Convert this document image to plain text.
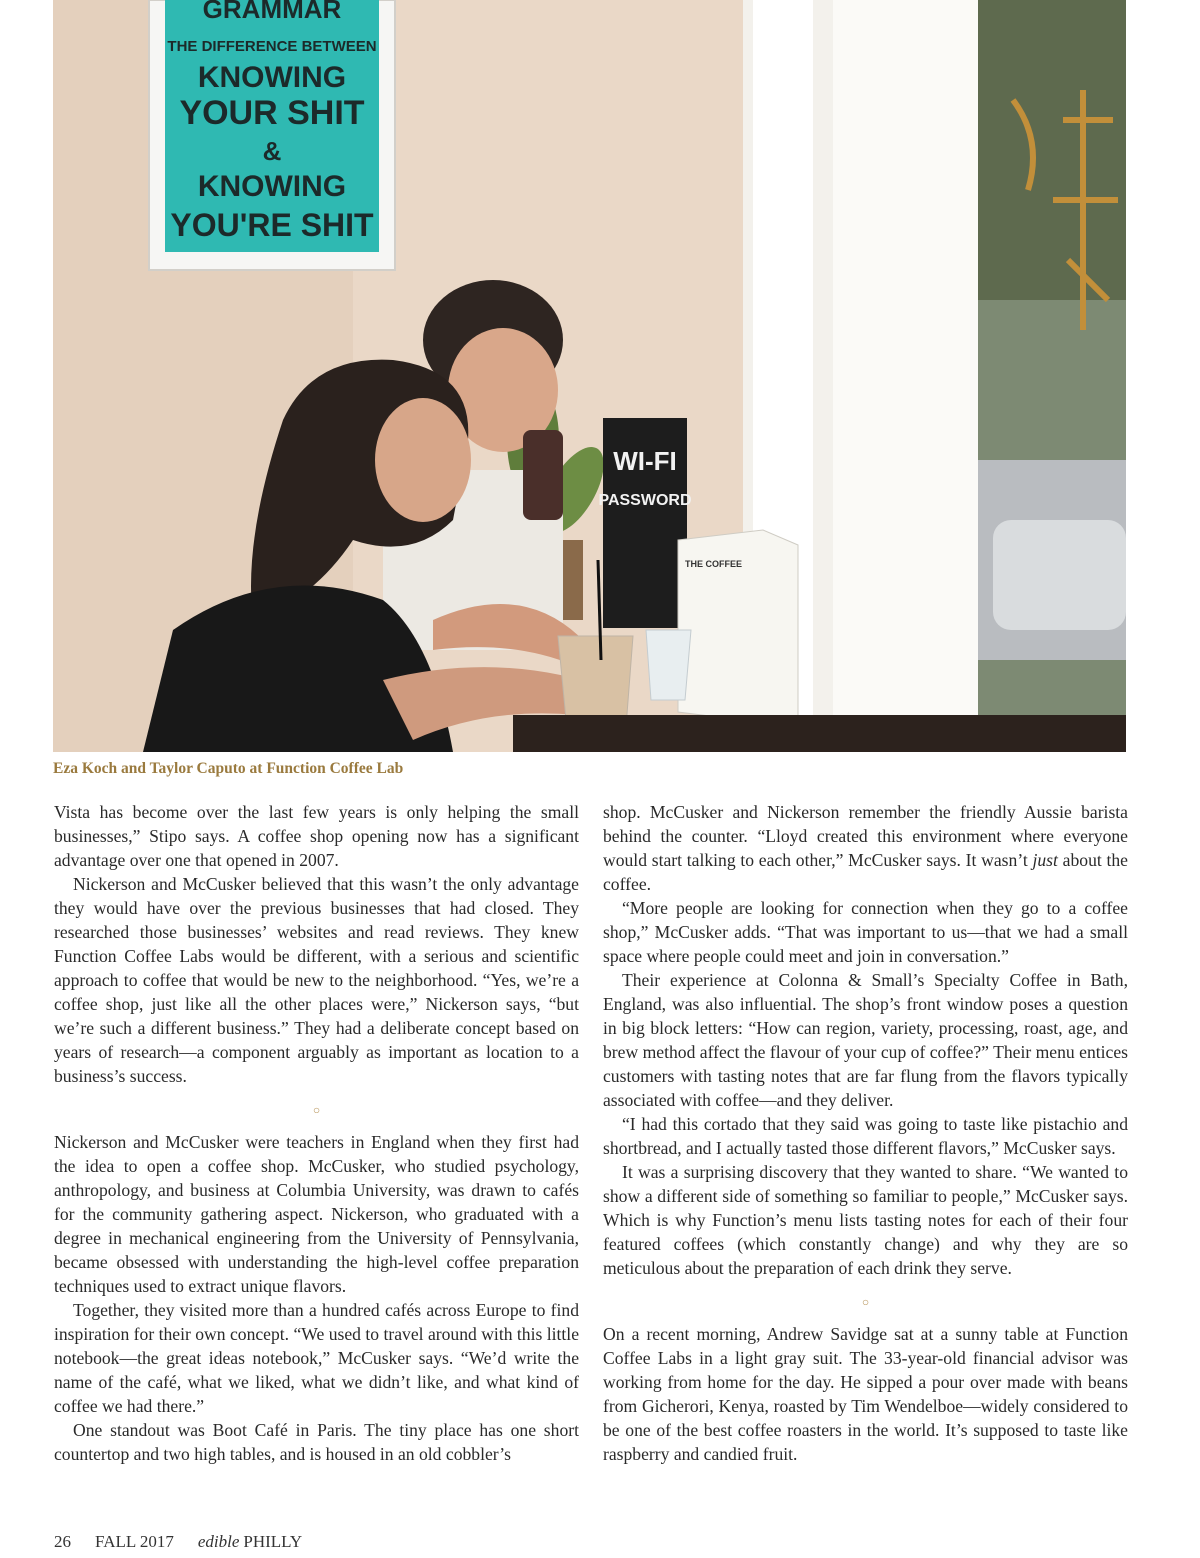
GRAMMAR
THE DIFFERENCE BETWEEN
KNOWING
YOUR SHIT
&
KNOWING
YOU'RE SHIT
WI-FI
PASSWORD
THE COFFEE
Eza Koch and Taylor Caputo at Function Coffee Lab

Vista has become over the last few years is only helping the small businesses,” Stipo says. A coffee shop opening now has a significant advantage over one that opened in 2007.

Nickerson and McCusker believed that this wasn’t the only advantage they would have over the previous businesses that had closed. They researched those businesses’ websites and read reviews. They knew Function Coffee Labs would be different, with a serious and scientific approach to coffee that would be new to the neighborhood. “Yes, we’re a coffee shop, just like all the other places were,” Nickerson says, “but we’re such a different business.” They had a deliberate concept based on years of research—a component arguably as important as location to a business’s success.

○

Nickerson and McCusker were teachers in England when they first had the idea to open a coffee shop. McCusker, who studied psychology, anthropology, and business at Columbia University, was drawn to cafés for the community gathering aspect. Nickerson, who graduated with a degree in mechanical engineering from the University of Pennsylvania, became obsessed with understanding the high-level coffee preparation techniques used to extract unique flavors.

Together, they visited more than a hundred cafés across Europe to find inspiration for their own concept. “We used to travel around with this little notebook—the great ideas notebook,” McCusker says. “We’d write the name of the café, what we liked, what we didn’t like, and what kind of coffee we had there.”

One standout was Boot Café in Paris. The tiny place has one short countertop and two high tables, and is housed in an old cobbler’s

shop. McCusker and Nickerson remember the friendly Aussie barista behind the counter. “Lloyd created this environment where everyone would start talking to each other,” McCusker says. It wasn’t just about the coffee.

“More people are looking for connection when they go to a coffee shop,” McCusker adds. “That was important to us—that we had a small space where people could meet and join in conversation.”

Their experience at Colonna & Small’s Specialty Coffee in Bath, England, was also influential. The shop’s front window poses a question in big block letters: “How can region, variety, processing, roast, age, and brew method affect the flavour of your cup of coffee?” Their menu entices customers with tasting notes that are far flung from the flavors typically associated with coffee—and they deliver.

“I had this cortado that they said was going to taste like pistachio and shortbread, and I actually tasted those different flavors,” McCusker says.

It was a surprising discovery that they wanted to share. “We wanted to show a different side of something so familiar to people,” McCusker says. Which is why Function’s menu lists tasting notes for each of their four featured coffees (which constantly change) and why they are so meticulous about the preparation of each drink they serve.

○

On a recent morning, Andrew Savidge sat at a sunny table at Function Coffee Labs in a light gray suit. The 33-year-old financial advisor was working from home for the day. He sipped a pour over made with beans from Gicherori, Kenya, roasted by Tim Wendelboe—widely considered to be one of the best coffee roasters in the world. It’s supposed to taste like raspberry and candied fruit.

26 FALL 2017 edible PHILLY
